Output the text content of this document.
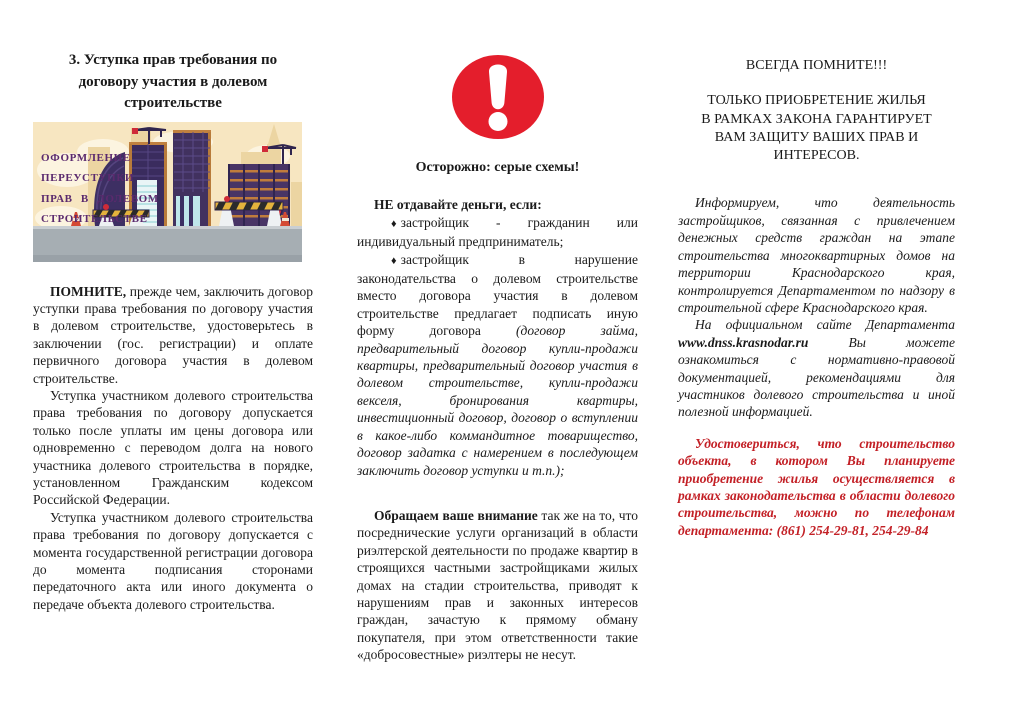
3. Уступка прав требования по
договору участия в долевом
строительстве
ОФОРМЛЕНИЕ
ПЕРЕУСТУПКИ
ПРАВ В ДОЛЕВОМ
СТРОИТЕЛЬСТВЕ

ПОМНИТЕ, прежде чем, заключить договор уступки права требования по договору участия в долевом строительстве, удостоверьтесь в заключении (гос. регистрации) и оплате первичного договора участия в долевом строительстве.

Уступка участником долевого строительства права требования по договору допускается только после уплаты им цены договора или одновременно с переводом долга на нового участника долевого строительства в порядке, установленном Гражданским кодексом Российской Федерации.

Уступка участником долевого строительства права требования по договору допускается с момента государственной регистрации договора до момента подписания сторонами передаточного акта или иного документа о передаче объекта долевого строительства.

Осторожно: серые схемы!

НЕ отдавайте деньги, если:

♦ застройщик - гражданин или индивидуальный предприниматель;

♦ застройщик в нарушение законодательства о долевом строительстве вместо договора участия в долевом строительстве предлагает подписать иную форму договора (договор займа, предварительный договор купли-продажи квартиры, предварительный договор участия в долевом строительстве, купли-продажи векселя, бронирования квартиры, инвестиционный договор, договор о вступлении в какое-либо коммандитное товарищество, договор задатка с намерением в последующем заключить договор уступки и т.п.);

Обращаем ваше внимание так же на то, что посреднические услуги организаций в области риэлтерской деятельности по продаже квартир в строящихся частными застройщиками жилых домах на стадии строительства, приводят к нарушениям прав и законных интересов граждан, зачастую к прямому обману покупателя, при этом ответственности такие «добросовестные» риэлтеры не несут.

ВСЕГДА ПОМНИТЕ!!!
ТОЛЬКО ПРИОБРЕТЕНИЕ ЖИЛЬЯ
В РАМКАХ ЗАКОНА ГАРАНТИРУЕТ
ВАМ ЗАЩИТУ ВАШИХ ПРАВ И
ИНТЕРЕСОВ.

Информируем, что деятельность застройщиков, связанная с привлечением денежных средств граждан на этапе строительства многоквартирных домов на территории Краснодарского края, контролируется Департаментом по надзору в строительной сфере Краснодарского края.

На официальном сайте Департамента www.dnss.krasnodar.ru Вы можете ознакомиться с нормативно-правовой документацией, рекомендациями для участников долевого строительства и иной полезной информацией.

Удостовериться, что строительство объекта, в котором Вы планируете приобретение жилья осуществляется в рамках законодательства в области долевого строительства, можно по телефонам департамента: (861) 254-29-81, 254-29-84
